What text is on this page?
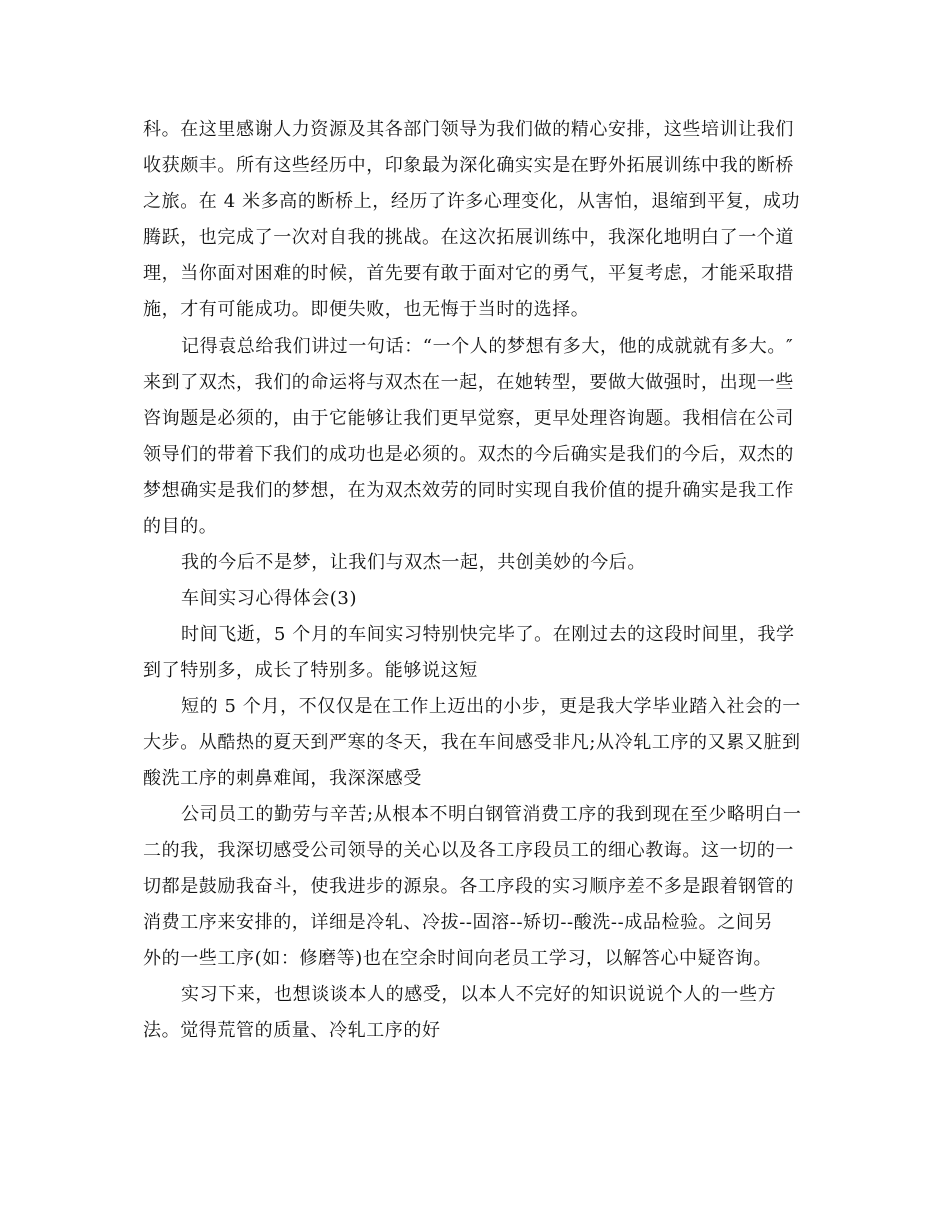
科。在这里感谢人力资源及其各部门领导为我们做的精心安排，这些培训让我们
收获颇丰。所有这些经历中，印象最为深化确实实是在野外拓展训练中我的断桥
之旅。在 4 米多高的断桥上，经历了许多心理变化，从害怕，退缩到平复，成功
腾跃，也完成了一次对自我的挑战。在这次拓展训练中，我深化地明白了一个道
理，当你面对困难的时候，首先要有敢于面对它的勇气，平复考虑，才能采取措
施，才有可能成功。即便失败，也无悔于当时的选择。
记得袁总给我们讲过一句话：“一个人的梦想有多大，他的成就就有多大。″
来到了双杰，我们的命运将与双杰在一起，在她转型，要做大做强时，出现一些
咨询题是必须的，由于它能够让我们更早觉察，更早处理咨询题。我相信在公司
领导们的带着下我们的成功也是必须的。双杰的今后确实是我们的今后，双杰的
梦想确实是我们的梦想，在为双杰效劳的同时实现自我价值的提升确实是我工作
的目的。
我的今后不是梦，让我们与双杰一起，共创美妙的今后。
车间实习心得体会(3)
时间飞逝，5 个月的车间实习特别快完毕了。在刚过去的这段时间里，我学
到了特别多，成长了特别多。能够说这短
短的 5 个月，不仅仅是在工作上迈出的小步，更是我大学毕业踏入社会的一
大步。从酷热的夏天到严寒的冬天，我在车间感受非凡;从冷轧工序的又累又脏到
酸洗工序的刺鼻难闻，我深深感受
公司员工的勤劳与辛苦;从根本不明白钢管消费工序的我到现在至少略明白一
二的我，我深切感受公司领导的关心以及各工序段员工的细心教诲。这一切的一
切都是鼓励我奋斗，使我进步的源泉。各工序段的实习顺序差不多是跟着钢管的
消费工序来安排的，详细是冷轧、冷拔--固溶--矫切--酸洗--成品检验。之间另
外的一些工序(如：修磨等)也在空余时间向老员工学习，以解答心中疑咨询。
实习下来，也想谈谈本人的感受，以本人不完好的知识说说个人的一些方
法。觉得荒管的质量、冷轧工序的好
